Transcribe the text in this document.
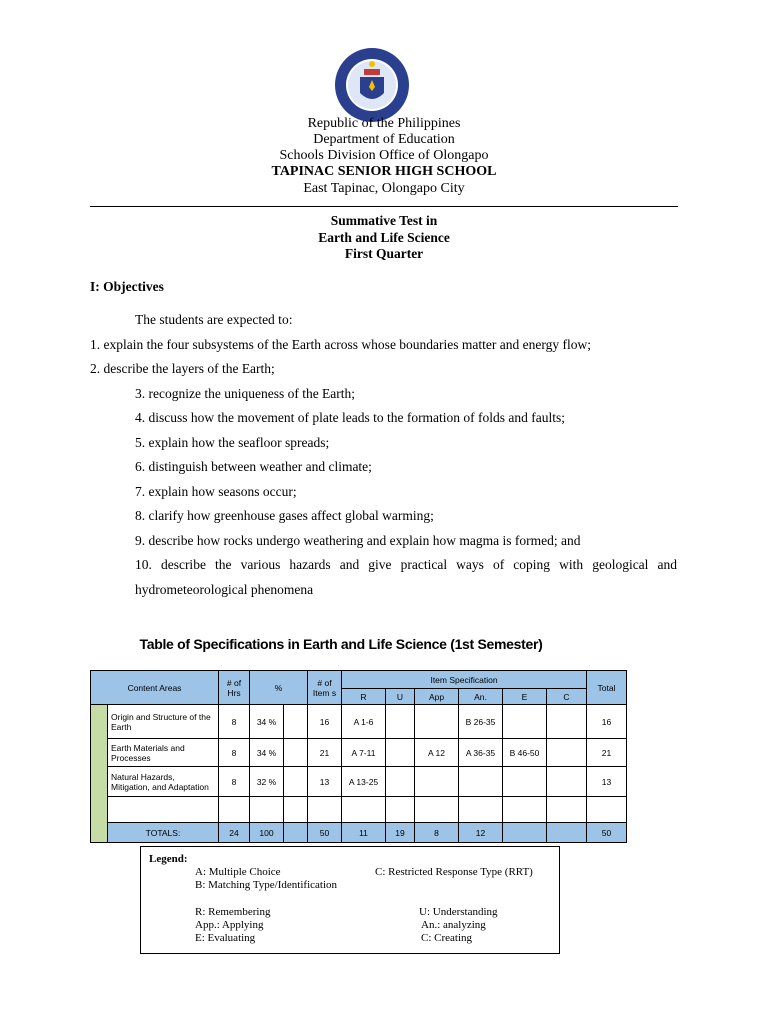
Republic of the Philippines
Department of Education
Schools Division Office of Olongapo
TAPINAC SENIOR HIGH SCHOOL
East Tapinac, Olongapo City
Summative Test in
Earth and Life Science
First Quarter
I: Objectives
The students are expected to:
1. explain the four subsystems of the Earth across whose boundaries matter and energy flow;
2. describe the layers of the Earth;
3. recognize the uniqueness of the Earth;
4. discuss how the movement of plate leads to the formation of folds and faults;
5. explain how the seafloor spreads;
6. distinguish between weather and climate;
7. explain how seasons occur;
8. clarify how greenhouse gases affect global warming;
9. describe how rocks undergo weathering and explain how magma is formed; and
10. describe the various hazards and give practical ways of coping with geological and
hydrometeorological phenomena
Table of Specifications in Earth and Life Science (1st Semester)
Content Areas		# of Hrs	%		# of Item s	Item Specification						Total
						R	U	App	An.	E	C	
	Origin and Structure of the Earth	8	34 %		16	A 1-6			B 26-35			16
	Earth Materials and Processes	8	34 %		21	A 7-11		A 12	A 36-35	B 46-50		21
	Natural Hazards, Mitigation, and Adaptation	8	32 %		13	A 13-25						13

	TOTALS:	24	100		50	11	19	8	12			50
Legend:
A: Multiple Choice
B: Matching Type/Identification
C: Restricted Response Type (RRT)
R: Remembering
App.: Applying
E: Evaluating
U: Understanding
An.: analyzing
C: Creating
